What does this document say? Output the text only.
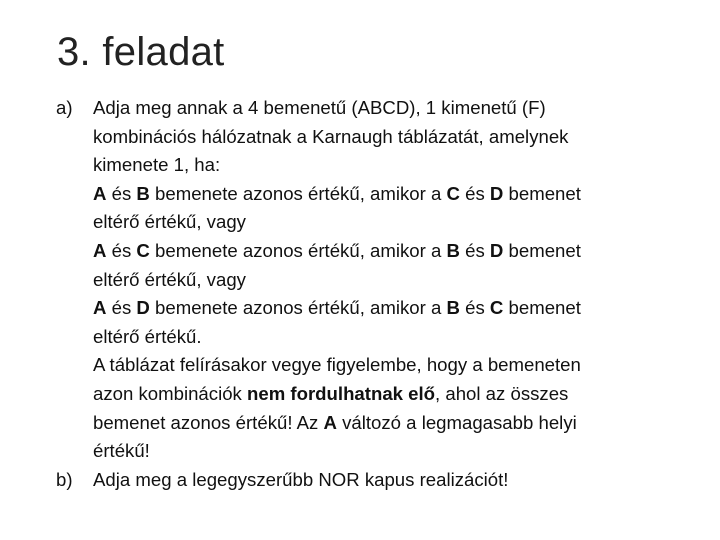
3. feladat
a) Adja meg annak a 4 bemenetű (ABCD), 1 kimenetű (F)
kombinációs hálózatnak a Karnaugh táblázatát, amelynek
kimenete 1, ha:
A és B bemenete azonos értékű, amikor a C és D bemenet
eltérő értékű, vagy
A és C bemenete azonos értékű, amikor a B és D bemenet
eltérő értékű, vagy
A és D bemenete azonos értékű, amikor a B és C bemenet
eltérő értékű.
A táblázat felírásakor vegye figyelembe, hogy a bemeneten
azon kombinációk nem fordulhatnak elő, ahol az összes
bemenet azonos értékű! Az A változó a legmagasabb helyi
értékű!
b) Adja meg a legegyszerűbb NOR kapus realizációt!
